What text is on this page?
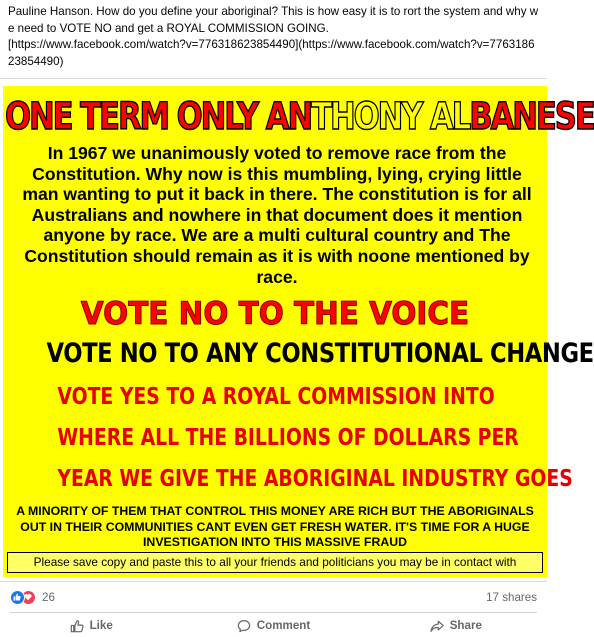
Pauline Hanson. How do you define your aboriginal? This is how easy it is to rort the system and why we need to VOTE NO and get a ROYAL COMMISSION GOING.

[https://www.facebook.com/watch?v=776318623854490](https://www.facebook.com/watch?v=776318623854490)

ONE TERM ONLY ANTHONY ALBANESE
In 1967 we unanimously voted to remove race from the Constitution. Why now is this mumbling, lying, crying little man wanting to put it back in there. The constitution is for all Australians and nowhere in that document does it mention anyone by race. We are a multi cultural country and The Constitution should remain as it is with noone mentioned by race.
VOTE NO TO THE VOICE
VOTE NO TO ANY CONSTITUTIONAL CHANGE
VOTE YES TO A ROYAL COMMISSION INTO
WHERE ALL THE BILLIONS OF DOLLARS PER
YEAR WE GIVE THE ABORIGINAL INDUSTRY GOES
A MINORITY OF THEM THAT CONTROL THIS MONEY ARE RICH BUT THE ABORIGINALS OUT IN THEIR COMMUNITIES CANT EVEN GET FRESH WATER. IT'S TIME FOR A HUGE INVESTIGATION INTO THIS MASSIVE FRAUD
Please save copy and paste this to all your friends and politicians you may be in contact with
26	17 shares
Like	Comment	Share
